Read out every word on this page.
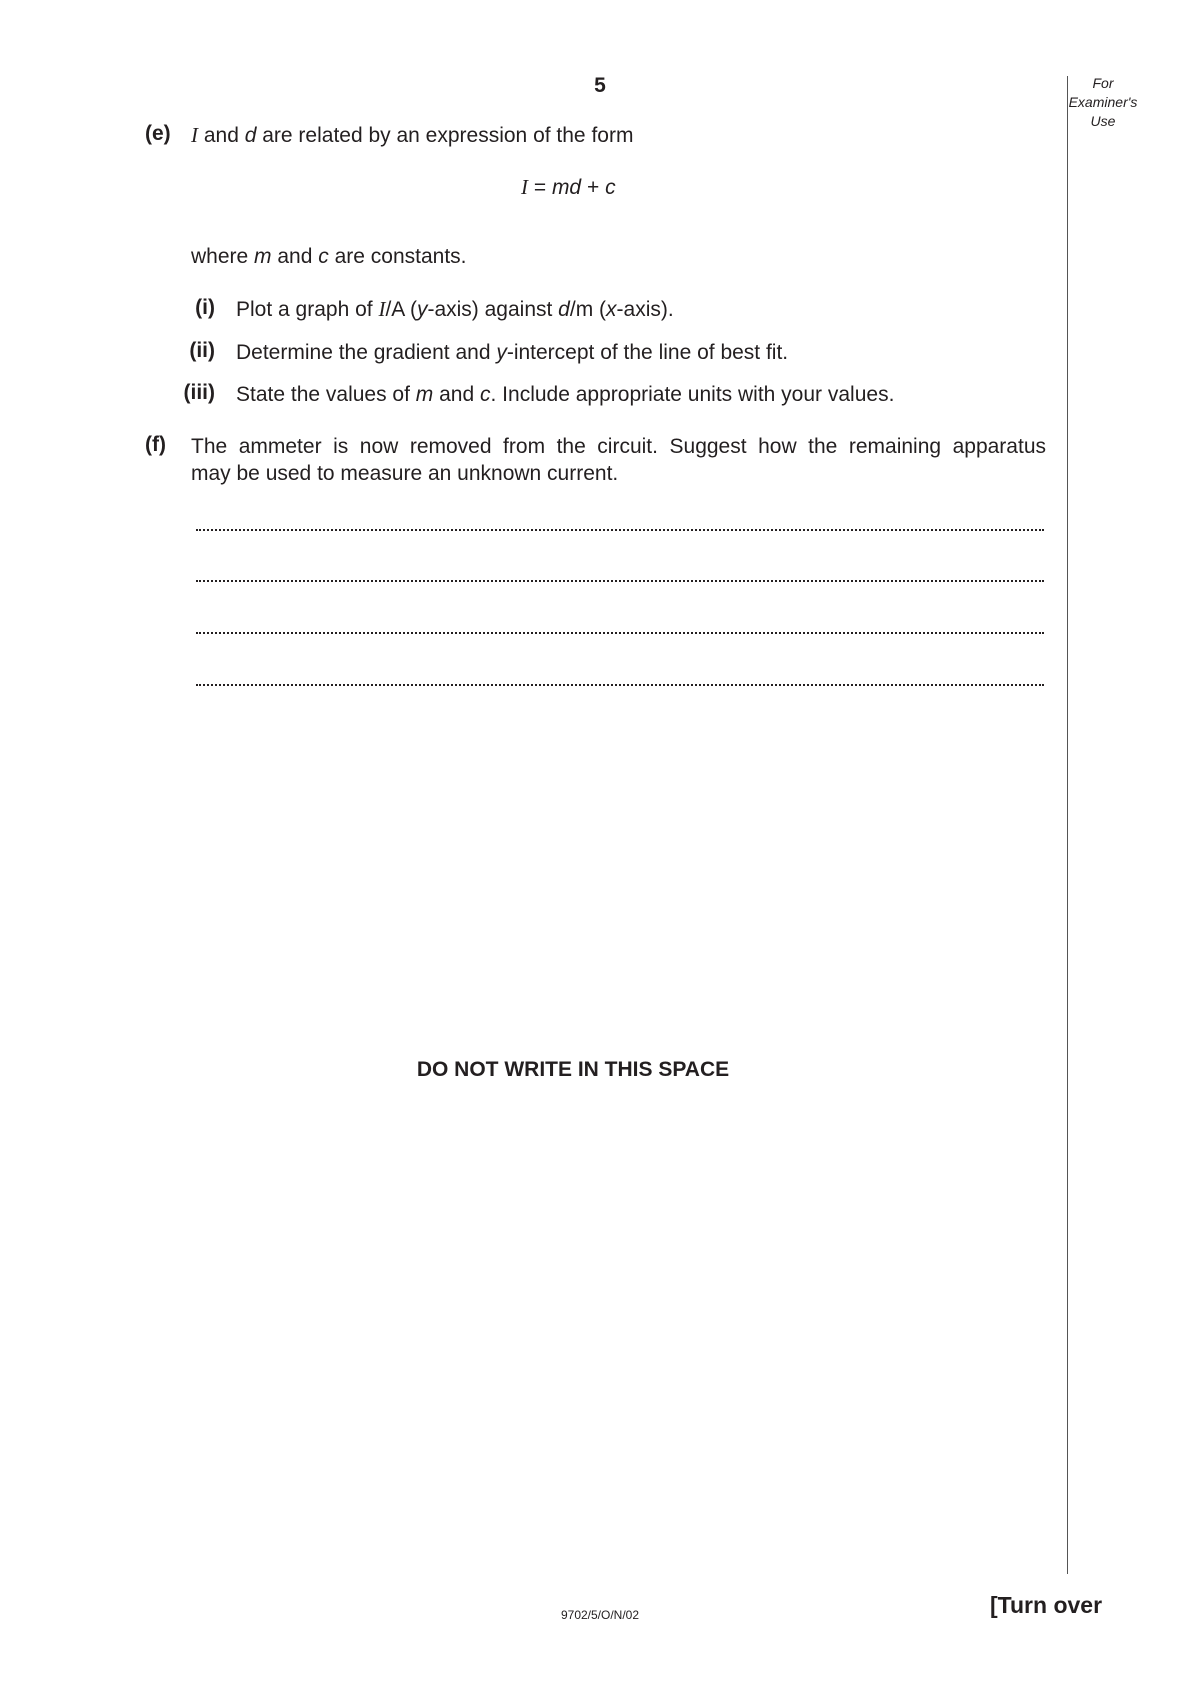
5	For
Examiner's
Use
(e) I and d are related by an expression of the form
I = md + c
where m and c are constants.
(i) Plot a graph of I/A (y-axis) against d/m (x-axis).
(ii) Determine the gradient and y-intercept of the line of best fit.
(iii) State the values of m and c. Include appropriate units with your values.
(f) The ammeter is now removed from the circuit. Suggest how the remaining apparatus
may be used to measure an unknown current.
DO NOT WRITE IN THIS SPACE
9702/5/O/N/02	[Turn over
